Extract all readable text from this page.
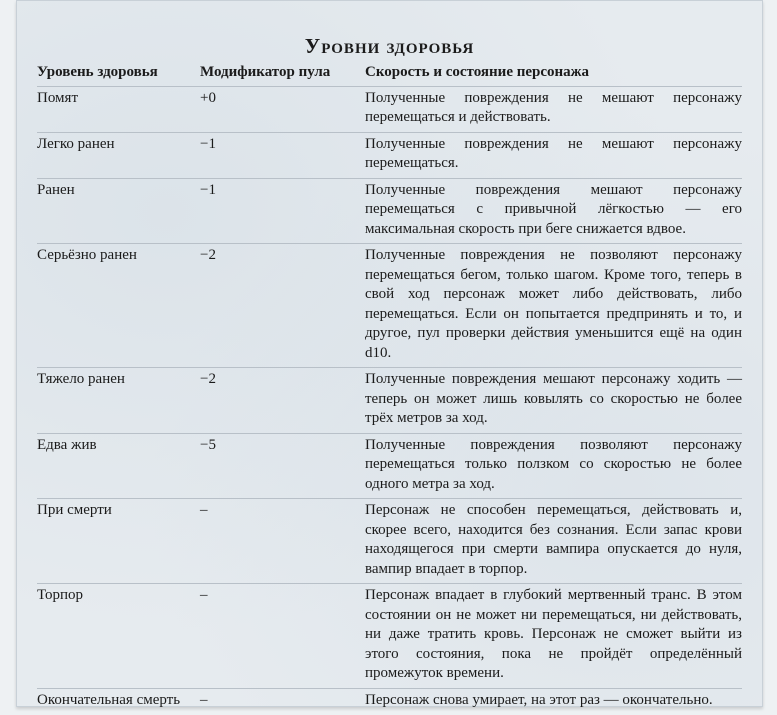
Уровни здоровья
Уровень здоровья	Модификатор пула	Скорость и состояние персонажа
Помят	+0	Полученные повреждения не мешают персонажу перемещаться и действовать.
Легко ранен	−1	Полученные повреждения не мешают персонажу перемещаться.
Ранен	−1	Полученные повреждения мешают персонажу перемещаться с привычной лёгкостью — его максимальная скорость при беге снижается вдвое.
Серьёзно ранен	−2	Полученные повреждения не позволяют персонажу перемещаться бегом, только шагом. Кроме того, теперь в свой ход персонаж может либо действовать, либо перемещаться. Если он попытается предпринять и то, и другое, пул проверки действия уменьшится ещё на один d10.
Тяжело ранен	−2	Полученные повреждения мешают персонажу ходить — теперь он может лишь ковылять со скоростью не более трёх метров за ход.
Едва жив	−5	Полученные повреждения позволяют персонажу перемещаться только ползком со скоростью не более одного метра за ход.
При смерти	–	Персонаж не способен перемещаться, действовать и, скорее всего, находится без сознания. Если запас крови находящегося при смерти вампира опускается до нуля, вампир впадает в торпор.
Торпор	–	Персонаж впадает в глубокий мертвенный транс. В этом состоянии он не может ни перемещаться, ни действовать, ни даже тратить кровь. Персонаж не сможет выйти из этого состояния, пока не пройдёт определённый промежуток времени.
Окончательная смерть	–	Персонаж снова умирает, на этот раз — окончательно.
